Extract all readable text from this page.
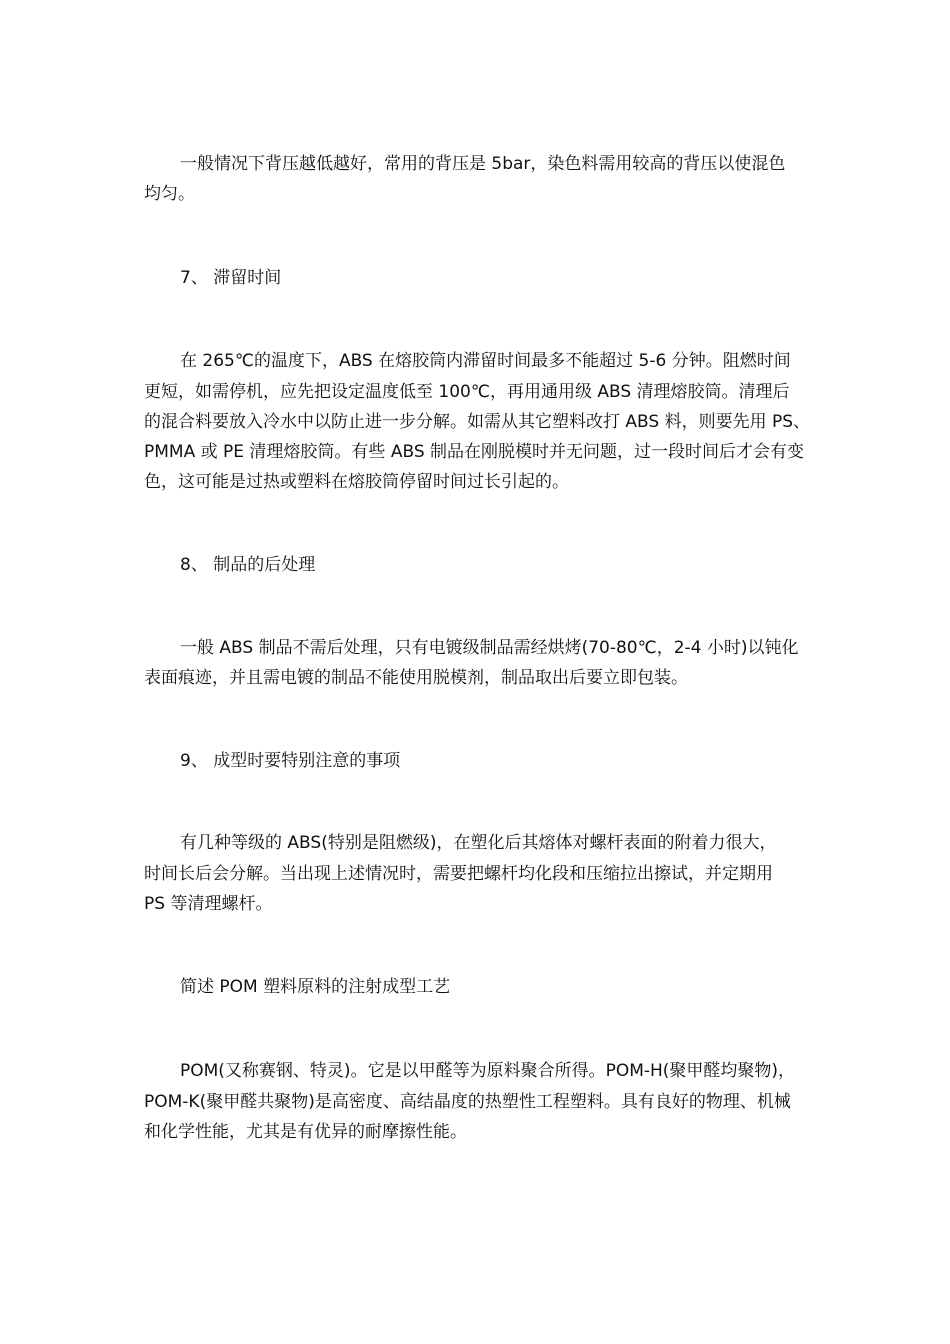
一般情况下背压越低越好，常用的背压是 5bar，染色料需用较高的背压以使混色
均匀。
7、 滞留时间
在 265℃的温度下，ABS 在熔胶筒内滞留时间最多不能超过 5-6 分钟。阻燃时间
更短，如需停机，应先把设定温度低至 100℃，再用通用级 ABS 清理熔胶筒。清理后
的混合料要放入冷水中以防止进一步分解。如需从其它塑料改打 ABS 料，则要先用 PS、
PMMA 或 PE 清理熔胶筒。有些 ABS 制品在刚脱模时并无问题，过一段时间后才会有变
色，这可能是过热或塑料在熔胶筒停留时间过长引起的。
8、 制品的后处理
一般 ABS 制品不需后处理，只有电镀级制品需经烘烤(70-80℃，2-4 小时)以钝化
表面痕迹，并且需电镀的制品不能使用脱模剂，制品取出后要立即包装。
9、 成型时要特别注意的事项
有几种等级的 ABS(特别是阻燃级)，在塑化后其熔体对螺杆表面的附着力很大，
时间长后会分解。当出现上述情况时，需要把螺杆均化段和压缩拉出擦试，并定期用
PS 等清理螺杆。
简述 POM 塑料原料的注射成型工艺
POM(又称赛钢、特灵)。它是以甲醛等为原料聚合所得。POM-H(聚甲醛均聚物)，
POM-K(聚甲醛共聚物)是高密度、高结晶度的热塑性工程塑料。具有良好的物理、机械
和化学性能，尤其是有优异的耐摩擦性能。
